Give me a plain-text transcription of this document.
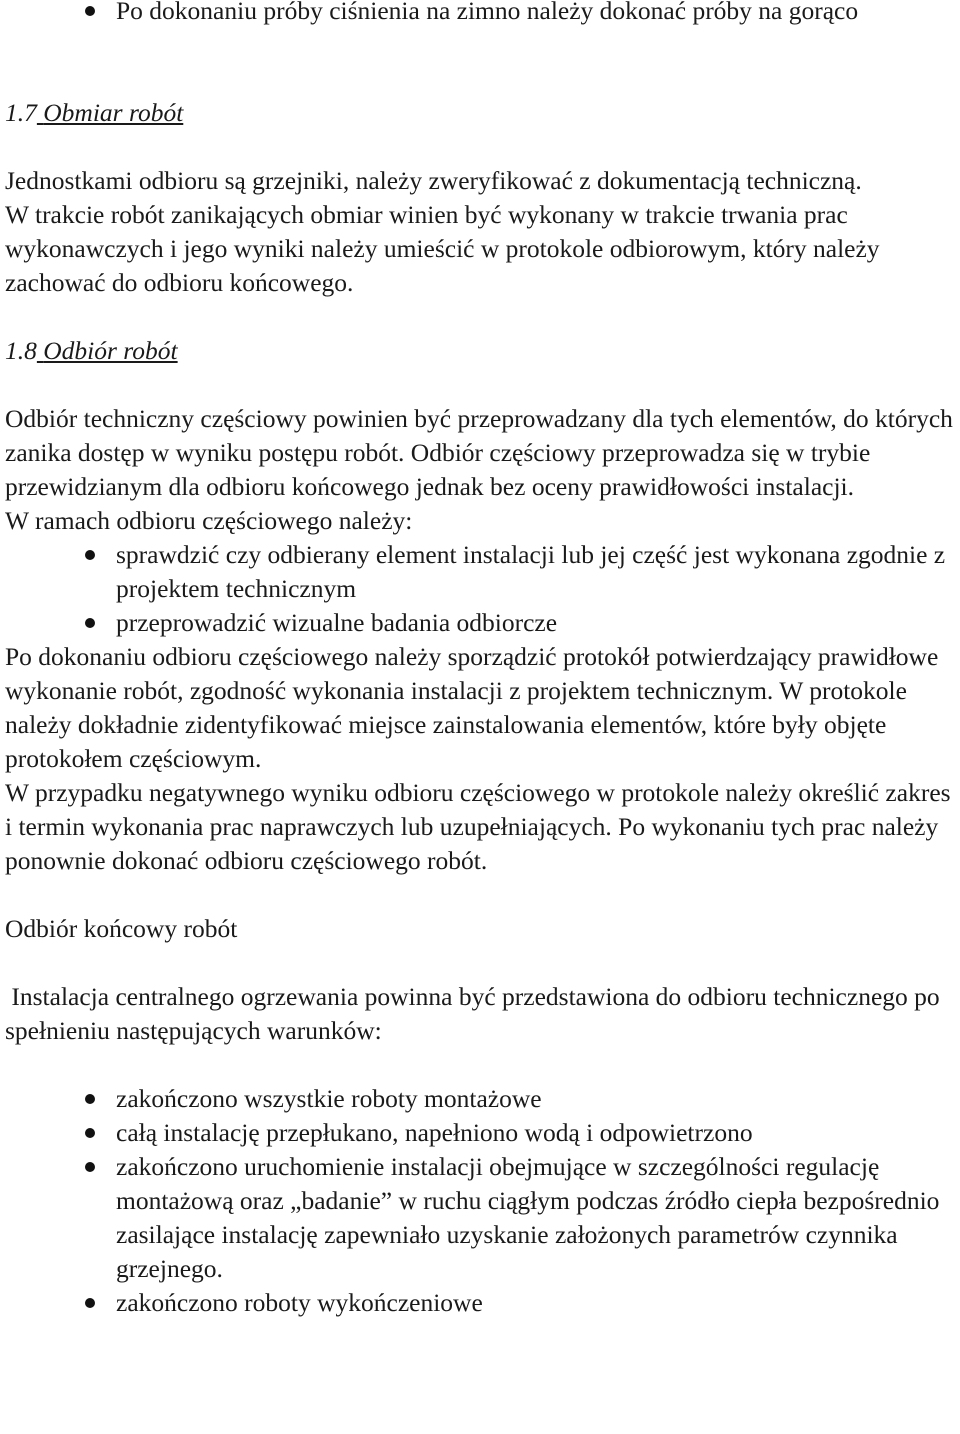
Po dokonaniu próby ciśnienia na zimno należy dokonać próby na gorąco

1.7 Obmiar robót

Jednostkami odbioru są grzejniki, należy zweryfikować z dokumentacją techniczną.

W trakcie robót zanikających obmiar winien być wykonany w trakcie trwania prac wykonawczych i jego wyniki należy umieścić w protokole odbiorowym, który należy zachować do odbioru końcowego.

1.8 Odbiór robót

Odbiór techniczny częściowy powinien być przeprowadzany dla tych elementów, do których zanika dostęp w wyniku postępu robót. Odbiór częściowy przeprowadza się w trybie przewidzianym dla odbioru końcowego jednak bez oceny prawidłowości instalacji.

W ramach odbioru częściowego należy:

sprawdzić czy odbierany element instalacji lub jej część jest wykonana zgodnie z projektem technicznym
przeprowadzić wizualne badania odbiorcze

Po dokonaniu odbioru częściowego należy sporządzić protokół potwierdzający prawidłowe wykonanie robót, zgodność wykonania instalacji z projektem technicznym. W protokole należy dokładnie zidentyfikować miejsce zainstalowania elementów, które były objęte protokołem częściowym.

W przypadku negatywnego wyniku odbioru częściowego w protokole należy określić zakres i termin wykonania prac naprawczych lub uzupełniających. Po wykonaniu tych prac należy ponownie dokonać odbioru częściowego robót.

Odbiór końcowy robót

Instalacja centralnego ogrzewania powinna być przedstawiona do odbioru technicznego po spełnieniu następujących warunków:

zakończono wszystkie roboty montażowe
całą instalację przepłukano, napełniono wodą i odpowietrzono
zakończono uruchomienie instalacji obejmujące w szczególności regulację montażową oraz „badanie” w ruchu ciągłym podczas źródło ciepła bezpośrednio zasilające instalację zapewniało uzyskanie założonych parametrów czynnika grzejnego.
zakończono roboty wykończeniowe
